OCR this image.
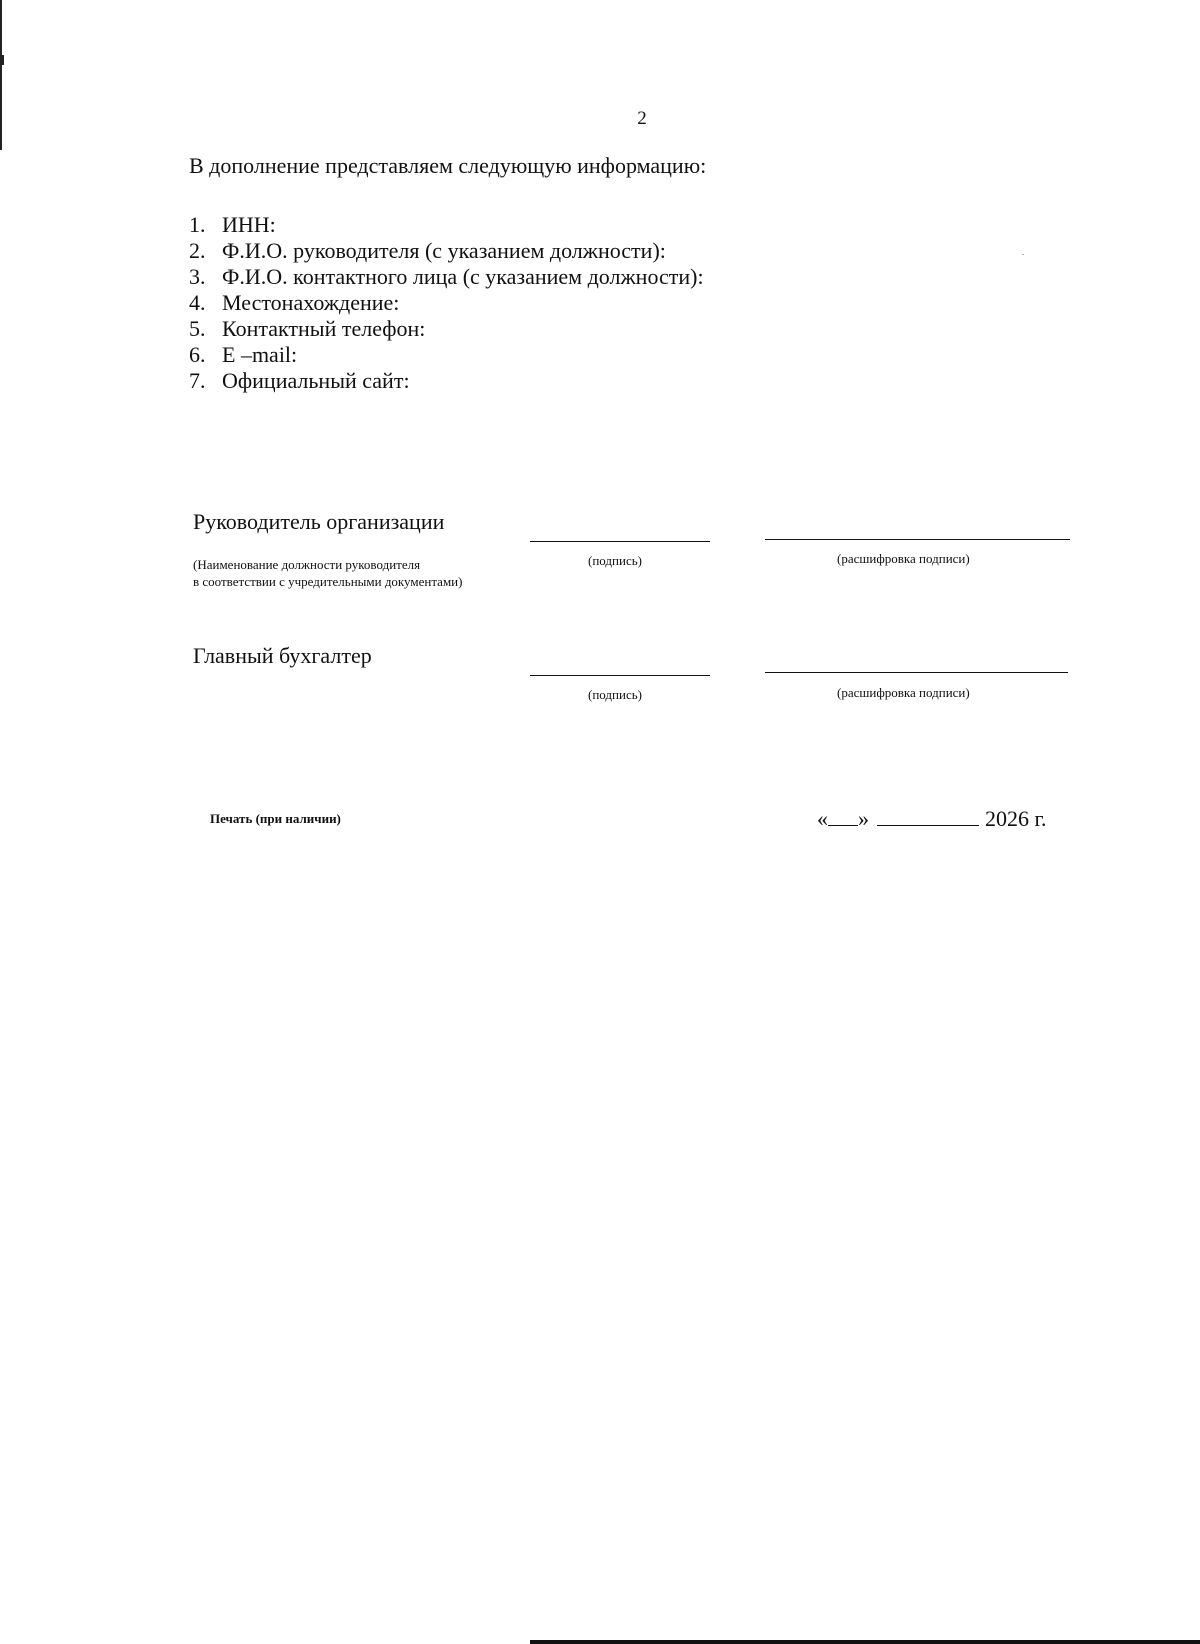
2
В дополнение представляем следующую информацию:
1. ИНН:
2. Ф.И.О. руководителя (с указанием должности):
3. Ф.И.О. контактного лица (с указанием должности):
4. Местонахождение:
5. Контактный телефон:
6. E –mail:
7. Официальный сайт:
Руководитель организации
(Наименование должности руководителя
в соответствии с учредительными документами)
(подпись)	(расшифровка подписи)
Главный бухгалтер
(подпись)	(расшифровка подписи)
Печать (при наличии)	« »	2026 г.
